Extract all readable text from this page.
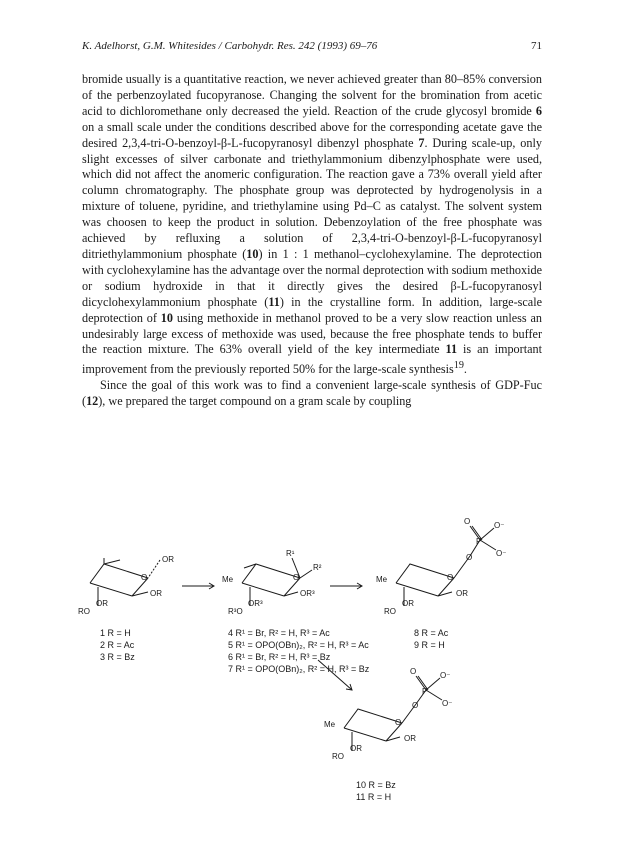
K. Adelhorst, G.M. Whitesides / Carbohydr. Res. 242 (1993) 69–76	71

bromide usually is a quantitative reaction, we never achieved greater than 80–85% conversion of the perbenzoylated fucopyranose. Changing the solvent for the bromination from acetic acid to dichloromethane only decreased the yield. Reaction of the crude glycosyl bromide 6 on a small scale under the conditions described above for the corresponding acetate gave the desired 2,3,4-tri-O-benzoyl-β-L-fucopyranosyl dibenzyl phosphate 7. During scale-up, only slight excesses of silver carbonate and triethylammonium dibenzylphosphate were used, which did not affect the anomeric configuration. The reaction gave a 73% overall yield after column chromatography. The phosphate group was deprotected by hydrogenolysis in a mixture of toluene, pyridine, and triethylamine using Pd–C as catalyst. The solvent system was choosen to keep the product in solution. Debenzoylation of the free phosphate was achieved by refluxing a solution of 2,3,4-tri-O-benzoyl-β-L-fucopyranosyl ditriethylammonium phosphate (10) in 1 : 1 methanol–cyclohexylamine. The deprotection with cyclohexylamine has the advantage over the normal deprotection with sodium methoxide or sodium hydroxide in that it directly gives the desired β-L-fucopyranosyl dicyclohexylammonium phosphate (11) in the crystalline form. In addition, large-scale deprotection of 10 using methoxide in methanol proved to be a very slow reaction unless an undesirably large excess of methoxide was used, because the free phosphate tends to buffer the reaction mixture. The 63% overall yield of the key intermediate 11 is an important improvement from the previously reported 50% for the large-scale synthesis$^{19}$.

Since the goal of this work was to find a convenient large-scale synthesis of GDP-Fuc (12), we prepared the target compound on a gram scale by coupling

O
OR
OR
RO
OR
Me	O
R¹
R²
OR³
R³O
OR³
Me	O
O
P
O	O⁻
O⁻
OR
RO
OR
Me	O
O
P
O	O⁻
O⁻
OR
RO
OR
1 R = H
2 R = Ac
3 R = Bz
4 R¹ = Br, R² = H, R³ = Ac
5 R¹ = OPO(OBn)₂, R² = H, R³ = Ac
6 R¹ = Br, R² = H, R³ = Bz
7 R¹ = OPO(OBn)₂, R² = H, R³ = Bz
8 R = Ac
9 R = H
10 R = Bz
11 R = H
